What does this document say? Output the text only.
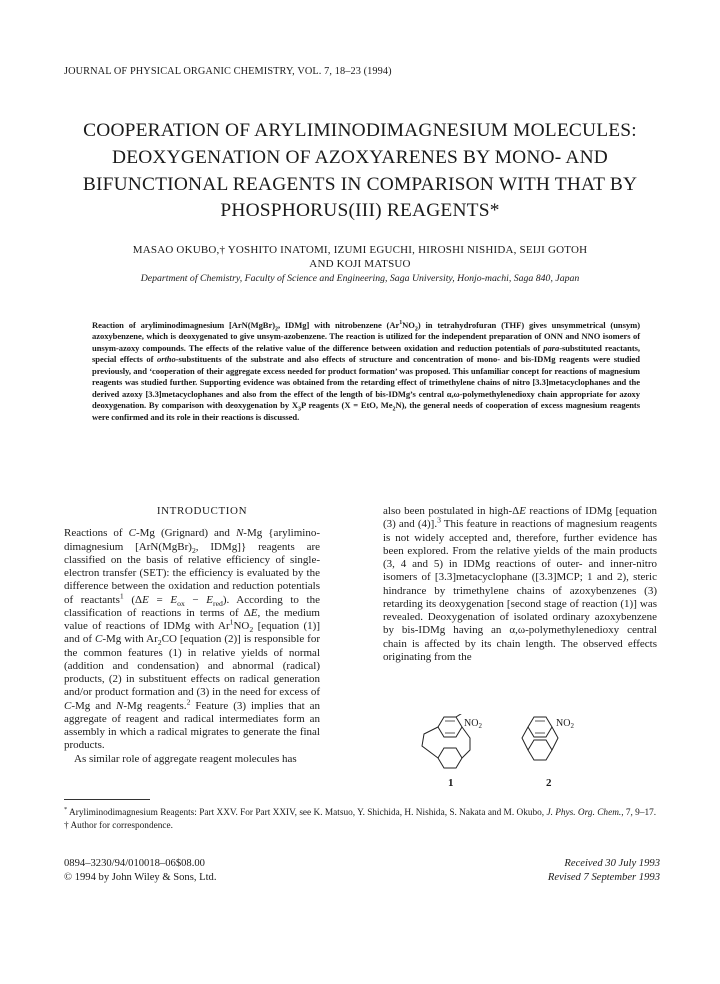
JOURNAL OF PHYSICAL ORGANIC CHEMISTRY, VOL. 7, 18–23 (1994)
COOPERATION OF ARYLIMINODIMAGNESIUM MOLECULES: DEOXYGENATION OF AZOXYARENES BY MONO- AND BIFUNCTIONAL REAGENTS IN COMPARISON WITH THAT BY PHOSPHORUS(III) REAGENTS*
MASAO OKUBO,† YOSHITO INATOMI, IZUMI EGUCHI, HIROSHI NISHIDA, SEIJI GOTOH
AND KOJI MATSUO
Department of Chemistry, Faculty of Science and Engineering, Saga University, Honjo-machi, Saga 840, Japan
Reaction of aryliminodimagnesium [$ArN(MgBr)_2$, IDMg] with nitrobenzene $(Ar^1NO_2)$ in tetrahydrofuran (THF) gives unsymmetrical (unsym) azoxybenzene, which is deoxygenated to give unsym-azobenzene. The reaction is utilized for the independent preparation of ONN and NNO isomers of unsym-azoxy compounds. The effects of the relative value of the difference between oxidation and reduction potentials of para-substituted reactants, special effects of ortho-substituents of the substrate and also effects of structure and concentration of mono- and bis-IDMg reagents were studied previously, and ‘cooperation of their aggregate excess needed for product formation’ was proposed. This unfamiliar concept for reactions of magnesium reagents was studied further. Supporting evidence was obtained from the retarding effect of trimethylene chains of nitro [3.3]metacyclophanes and the derived azoxy [3.3]metacyclophanes and also from the effect of the length of bis-IDMg’s central α,ω-polymethylenedioxy chain appropriate for azoxy deoxygenation. By comparison with deoxygenation by $X_3P$ reagents (X = EtO, $Me_2N$), the general needs of cooperation of excess magnesium reagents were confirmed and its role in their reactions is discussed.
INTRODUCTION

Reactions of C-Mg (Grignard) and N-Mg {arylimino-dimagnesium [$ArN(MgBr)_2$, IDMg]} reagents are classified on the basis of relative efficiency of single-electron transfer (SET): the efficiency is evaluated by the difference between the oxidation and reduction potentials of reactants$^1$ $(\Delta E = E_{ox} - E_{red})$. According to the classification of reactions in terms of ΔE, the medium value of reactions of IDMg with $Ar^1NO_2$ [equation (1)] and of C-Mg with $Ar_2CO$ [equation (2)] is responsible for the common features (1) in relative yields of normal (addition and condensation) and abnormal (radical) products, (2) in substituent effects on radical generation and/or product formation and (3) in the need for excess of C-Mg and N-Mg reagents.$^2$ Feature (3) implies that an aggregate of reagent and radical intermediates form an assembly in which a radical migrates to generate the final products.

As similar role of aggregate reagent molecules has

also been postulated in high-ΔE reactions of IDMg [equation (3) and (4)].$^3$ This feature in reactions of magnesium reagents is not widely accepted and, therefore, further evidence has been explored. From the relative yields of the main products (3, 4 and 5) in IDMg reactions of outer- and inner-nitro isomers of [3.3]metacyclophane ([3.3]MCP; 1 and 2), steric hindrance by trimethylene chains of azoxybenzenes (3) retarding its deoxygenation [second stage of reaction (1)] was revealed. Deoxygenation of isolated ordinary azoxybenzene by bis-IDMg having an α,ω-polymethylenedioxy central chain is affected by its chain length. The observed effects originating from the

$NO_2$	$NO_2$
1	2

* Aryliminodimagnesium Reagents: Part XXV. For Part XXIV, see K. Matsuo, Y. Shichida, H. Nishida, S. Nakata and M. Okubo, J. Phys. Org. Chem., 7, 9–17.

† Author for correspondence.

0894–3230/94/010018–06$08.00
© 1994 by John Wiley & Sons, Ltd.
Received 30 July 1993
Revised 7 September 1993
